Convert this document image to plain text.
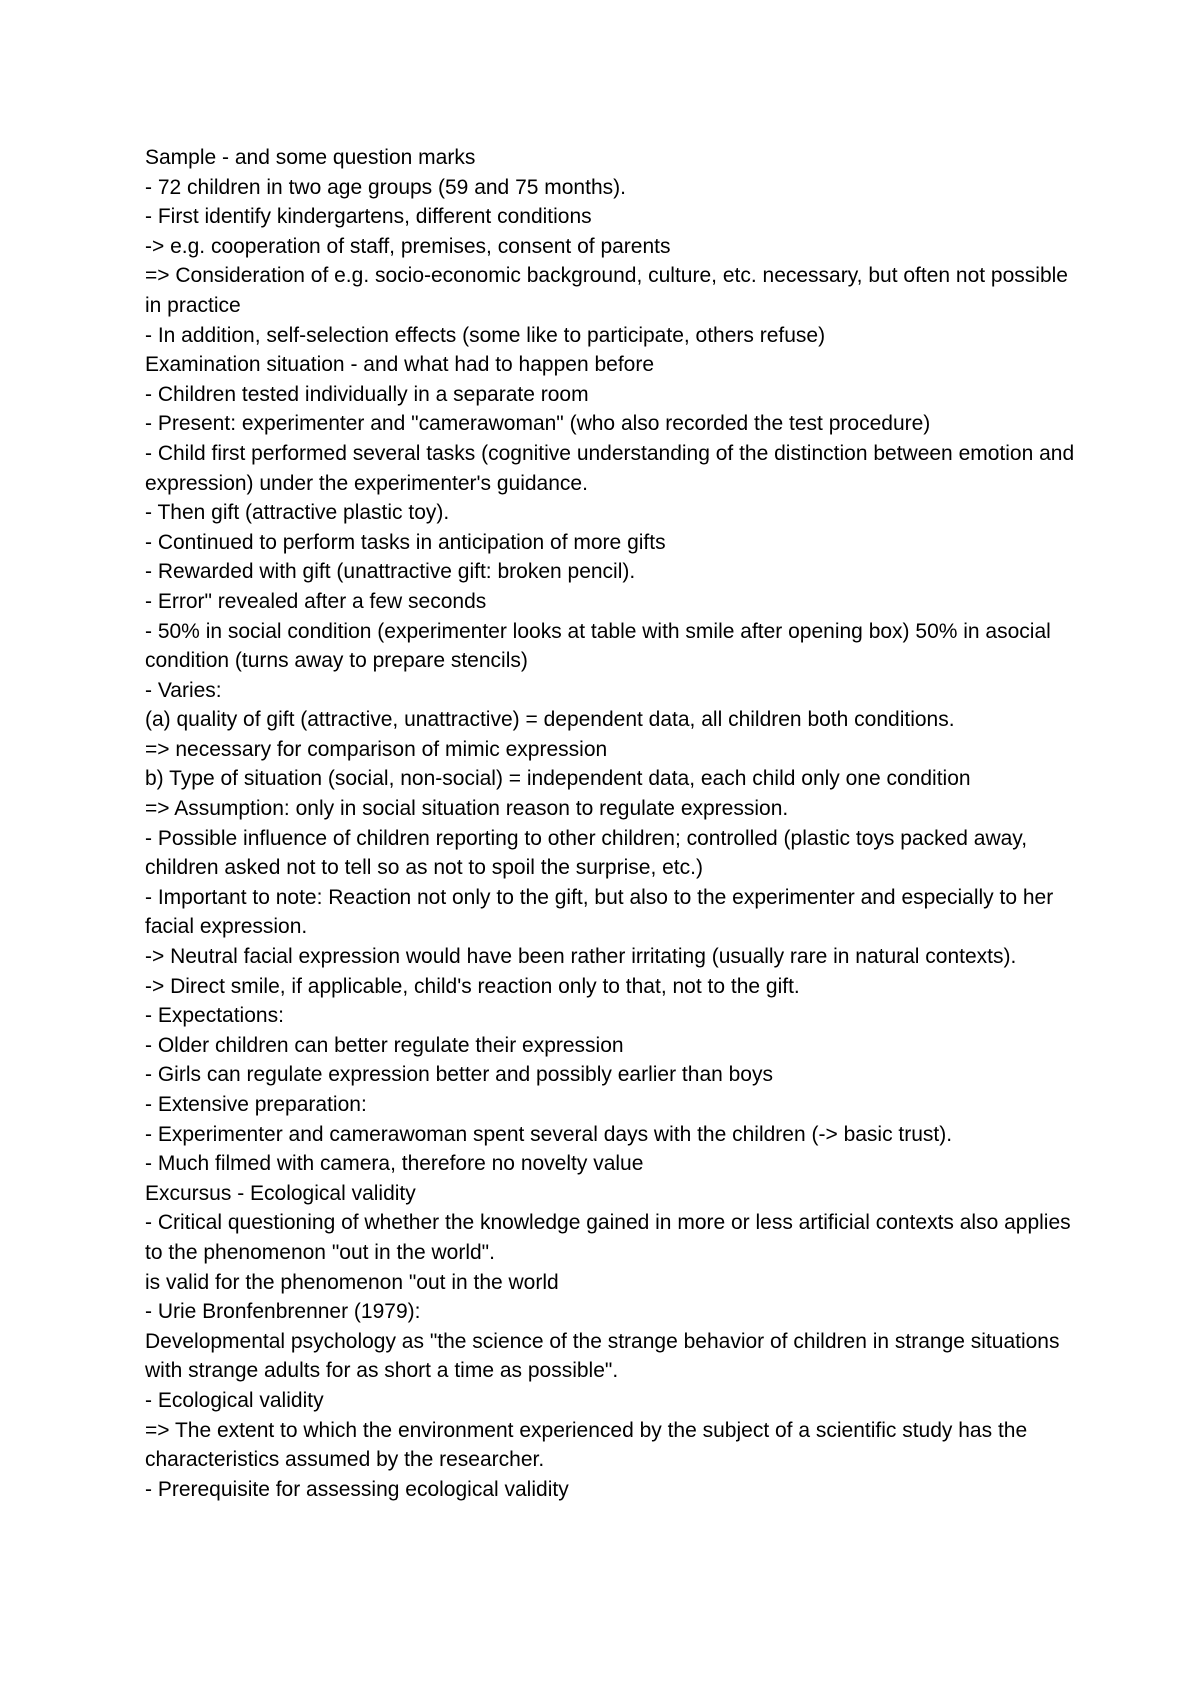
Sample - and some question marks

- 72 children in two age groups (59 and 75 months).

- First identify kindergartens, different conditions

-> e.g. cooperation of staff, premises, consent of parents

=> Consideration of e.g. socio-economic background, culture, etc. necessary, but often not possible in practice

- In addition, self-selection effects (some like to participate, others refuse)

Examination situation - and what had to happen before

- Children tested individually in a separate room

- Present: experimenter and "camerawoman" (who also recorded the test procedure)

- Child first performed several tasks (cognitive understanding of the distinction between emotion and expression) under the experimenter's guidance.

- Then gift (attractive plastic toy).

- Continued to perform tasks in anticipation of more gifts

- Rewarded with gift (unattractive gift: broken pencil).

- Error" revealed after a few seconds

- 50% in social condition (experimenter looks at table with smile after opening box) 50% in asocial condition (turns away to prepare stencils)

- Varies:

(a) quality of gift (attractive, unattractive) = dependent data, all children both conditions.

=> necessary for comparison of mimic expression

b) Type of situation (social, non-social) = independent data, each child only one condition

=> Assumption: only in social situation reason to regulate expression.

- Possible influence of children reporting to other children; controlled (plastic toys packed away, children asked not to tell so as not to spoil the surprise, etc.)

- Important to note: Reaction not only to the gift, but also to the experimenter and especially to her facial expression.

-> Neutral facial expression would have been rather irritating (usually rare in natural contexts).

-> Direct smile, if applicable, child's reaction only to that, not to the gift.

- Expectations:

- Older children can better regulate their expression

- Girls can regulate expression better and possibly earlier than boys

- Extensive preparation:

- Experimenter and camerawoman spent several days with the children (-> basic trust).

- Much filmed with camera, therefore no novelty value

Excursus - Ecological validity

- Critical questioning of whether the knowledge gained in more or less artificial contexts also applies to the phenomenon "out in the world".

is valid for the phenomenon "out in the world

- Urie Bronfenbrenner (1979):

Developmental psychology as "the science of the strange behavior of children in strange situations with strange adults for as short a time as possible".

- Ecological validity

=> The extent to which the environment experienced by the subject of a scientific study has the characteristics assumed by the researcher.

- Prerequisite for assessing ecological validity
